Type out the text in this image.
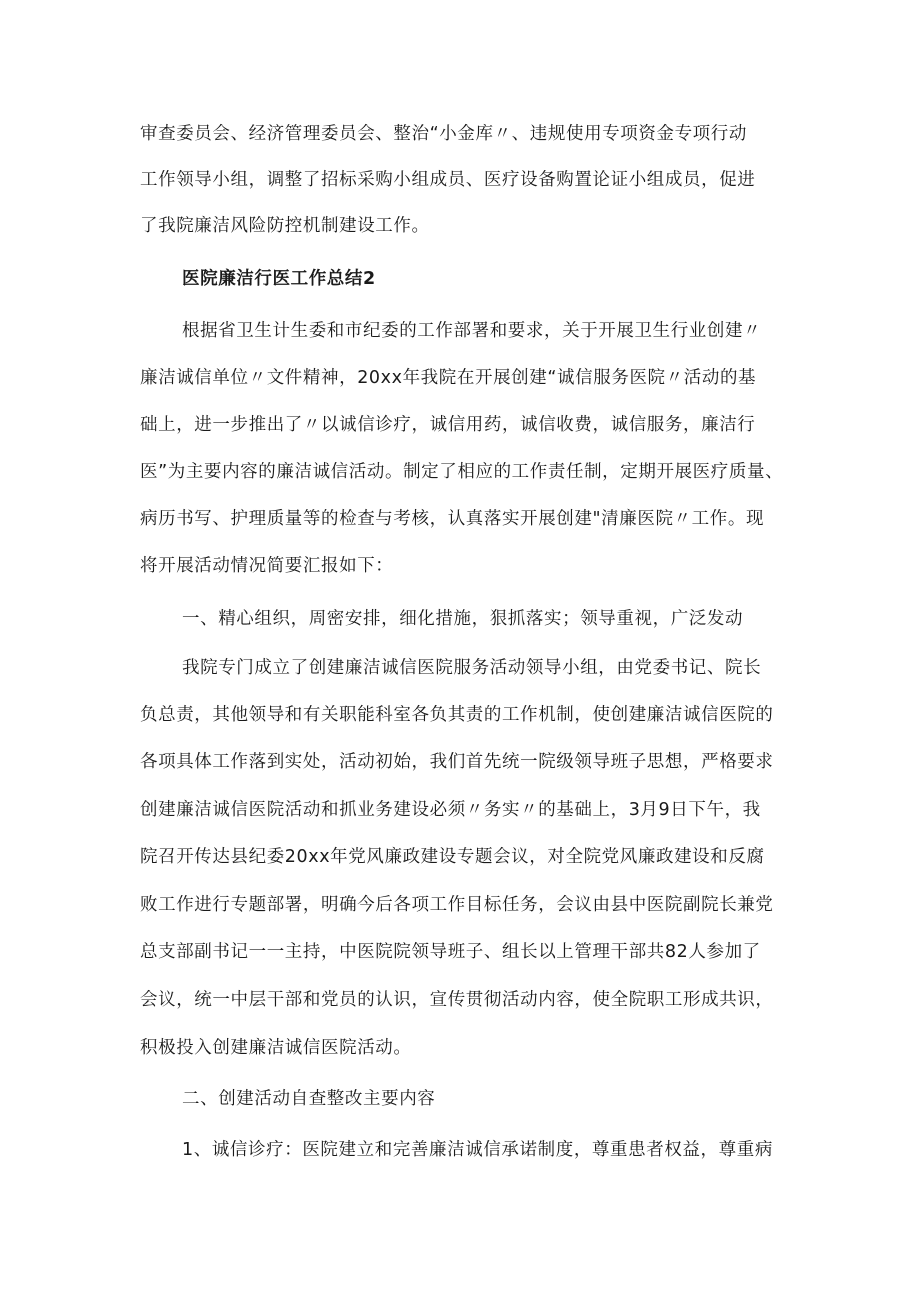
审查委员会、经济管理委员会、整治“小金库〃、违规使用专项资金专项行动
工作领导小组，调整了招标采购小组成员、医疗设备购置论证小组成员，促进
了我院廉洁风险防控机制建设工作。
医院廉洁行医工作总结2
根据省卫生计生委和市纪委的工作部署和要求，关于开展卫生行业创建〃
廉洁诚信单位〃文件精神，20xx年我院在开展创建“诚信服务医院〃活动的基
础上，进一步推出了〃以诚信诊疗，诚信用药，诚信收费，诚信服务，廉洁行
医”为主要内容的廉洁诚信活动。制定了相应的工作责任制，定期开展医疗质量、
病历书写、护理质量等的检查与考核，认真落实开展创建"清廉医院〃工作。现
将开展活动情况简要汇报如下：
一、精心组织，周密安排，细化措施，狠抓落实；领导重视，广泛发动
我院专门成立了创建廉洁诚信医院服务活动领导小组，由党委书记、院长
负总责，其他领导和有关职能科室各负其责的工作机制，使创建廉洁诚信医院的
各项具体工作落到实处，活动初始，我们首先统一院级领导班子思想，严格要求
创建廉洁诚信医院活动和抓业务建设必须〃务实〃的基础上，3月9日下午，我
院召开传达县纪委20xx年党风廉政建设专题会议，对全院党风廉政建设和反腐
败工作进行专题部署，明确今后各项工作目标任务，会议由县中医院副院长兼党
总支部副书记一一主持，中医院院领导班子、组长以上管理干部共82人参加了
会议，统一中层干部和党员的认识，宣传贯彻活动内容，使全院职工形成共识，
积极投入创建廉洁诚信医院活动。
二、创建活动自查整改主要内容
1、诚信诊疗：医院建立和完善廉洁诚信承诺制度，尊重患者权益，尊重病
